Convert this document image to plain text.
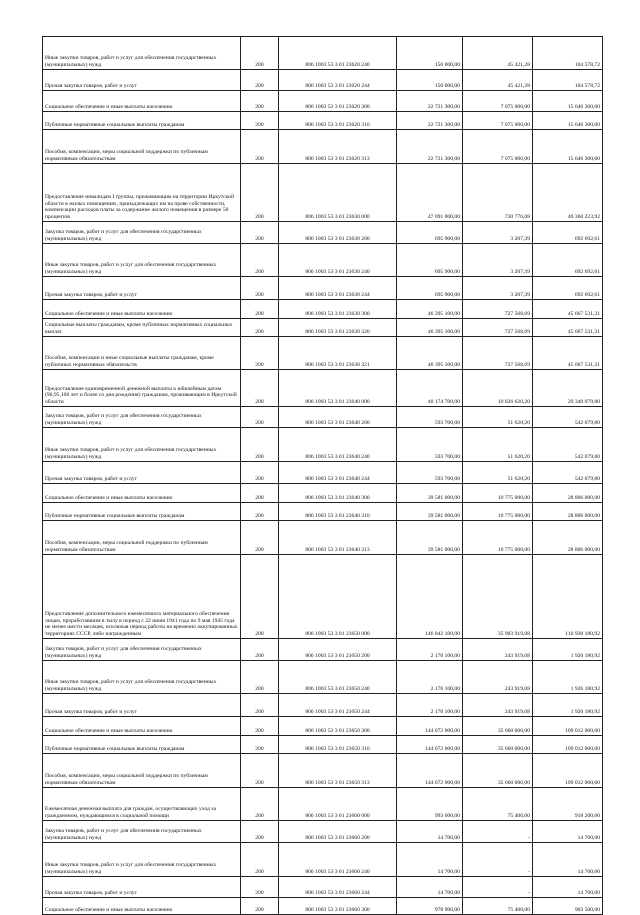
Иные закупки товаров, работ и услуг для обеспечения государственных (муниципальных) нужд	200	806 1003 53 3 01 23620 240	150 000,00	45 421,28	104 578,72
Прочая закупка товаров, работ и услуг	200	806 1003 53 3 01 23620 244	150 000,00	45 421,28	104 578,72
Социальное обеспечение и иные выплаты населению	200	806 1003 53 3 01 23620 300	22 721 300,00	7 075 000,00	15 646 300,00
Публичные нормативные социальные выплаты гражданам	200	806 1003 53 3 01 23620 310	22 721 300,00	7 075 000,00	15 646 300,00
Пособия, компенсации, меры социальной поддержки по публичным нормативным обязательствам	200	806 1003 53 3 01 23620 313	22 721 300,00	7 075 000,00	15 646 300,00
Предоставление инвалидам I группы, проживающим на территории Иркутской области в жилых помещениях, принадлежащих им на праве собственности, компенсации расходов платы за содержание жилого помещения в размере 50 процентов	200	806 1003 53 3 01 23630 000	47 091 000,00	730 776,08	46 360 223,92
Закупка товаров, работ и услуг для обеспечения государственных (муниципальных) нужд	200	806 1003 53 3 01 23630 200	695 900,00	3 207,39	692 692,61
Иные закупки товаров, работ и услуг для обеспечения государственных (муниципальных) нужд	200	806 1003 53 3 01 23630 240	695 900,00	3 207,39	692 692,61
Прочая закупка товаров, работ и услуг	200	806 1003 53 3 01 23630 244	695 900,00	3 207,39	692 692,61
Социальное обеспечение и иные выплаты населению	200	806 1003 53 3 01 23630 300	46 395 100,00	727 568,69	45 667 531,31
Социальные выплаты гражданам, кроме публичных нормативных социальных выплат	200	806 1003 53 3 01 23630 320	46 395 100,00	727 568,69	45 667 531,31
Пособия, компенсации и иные социальные выплаты гражданам, кроме публичных нормативных обязательств	200	806 1003 53 3 01 23630 321	46 395 100,00	727 568,69	45 667 531,31
Предоставление единовременной денежной выплаты к юбилейным датам (90,95,100 лет и более со дня рождения) гражданам, проживающим в Иркутской области	200	806 1003 53 3 01 23640 000	40 174 700,00	10 826 620,20	29 348 079,80
Закупка товаров, работ и услуг для обеспечения государственных (муниципальных) нужд	200	806 1003 53 3 01 23640 200	593 700,00	51 620,20	542 079,80
Иные закупки товаров, работ и услуг для обеспечения государственных (муниципальных) нужд	200	806 1003 53 3 01 23640 240	593 700,00	51 620,20	542 079,80
Прочая закупка товаров, работ и услуг	200	806 1003 53 3 01 23640 244	593 700,00	51 620,20	542 079,80
Социальное обеспечение и иные выплаты населению	200	806 1003 53 3 01 23640 300	39 581 000,00	10 775 000,00	28 806 000,00
Публичные нормативные социальные выплаты гражданам	200	806 1003 53 3 01 23640 310	39 581 000,00	10 775 000,00	28 806 000,00
Пособия, компенсации, меры социальной поддержки по публичным нормативным обязательствам	200	806 1003 53 3 01 23640 313	39 581 000,00	10 775 000,00	28 806 000,00
Предоставление дополнительного ежемесячного материального обеспечения лицам, проработавшим в тылу в период с 22 июня 1941 года по 9 мая 1945 года не менее шести месяцев, исключая период работы на временно оккупированных территориях СССР, либо награжденным	200	806 1003 53 3 01 23650 000	146 842 100,00	35 903 919,08	110 938 180,92
Закупка товаров, работ и услуг для обеспечения государственных (муниципальных) нужд	200	806 1003 53 3 01 23650 200	2 170 100,00	243 919,08	1 926 180,92
Иные закупки товаров, работ и услуг для обеспечения государственных (муниципальных) нужд	200	806 1003 53 3 01 23650 240	2 170 100,00	243 919,08	1 926 180,92
Прочая закупка товаров, работ и услуг	200	806 1003 53 3 01 23650 244	2 170 100,00	243 919,08	1 926 180,92
Социальное обеспечение и иные выплаты населению	200	806 1003 53 3 01 23650 300	144 672 000,00	35 660 000,00	109 012 000,00
Публичные нормативные социальные выплаты гражданам	200	806 1003 53 3 01 23650 310	144 672 000,00	35 660 000,00	109 012 000,00
Пособия, компенсации, меры социальной поддержки по публичным нормативным обязательствам	200	806 1003 53 3 01 23650 313	144 672 000,00	35 660 000,00	109 012 000,00
Ежемесячная денежная выплата для граждан, осуществляющих уход за гражданином, нуждающимся в социальной помощи	200	806 1003 53 3 01 23660 000	993 600,00	75 400,00	918 200,00
Закупка товаров, работ и услуг для обеспечения государственных (муниципальных) нужд	200	806 1003 53 3 01 23660 200	14 700,00	-	14 700,00
Иные закупки товаров, работ и услуг для обеспечения государственных (муниципальных) нужд	200	806 1003 53 3 01 23660 240	14 700,00	-	14 700,00
Прочая закупка товаров, работ и услуг	200	806 1003 53 3 01 23660 244	14 700,00	-	14 700,00
Социальное обеспечение и иные выплаты населению	200	806 1003 53 3 01 23660 300	978 900,00	75 400,00	903 500,00
